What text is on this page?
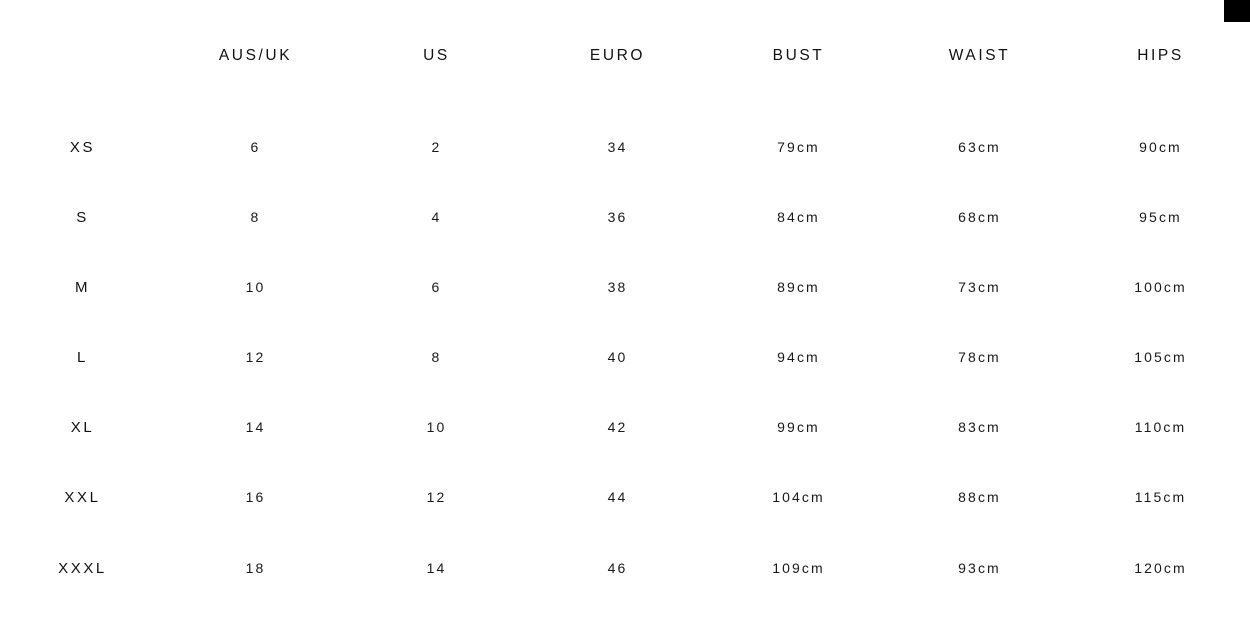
	AUS/UK	US	EURO	BUST	WAIST	HIPS
XS	6	2	34	79cm	63cm	90cm
S	8	4	36	84cm	68cm	95cm
M	10	6	38	89cm	73cm	100cm
L	12	8	40	94cm	78cm	105cm
XL	14	10	42	99cm	83cm	110cm
XXL	16	12	44	104cm	88cm	115cm
XXXL	18	14	46	109cm	93cm	120cm
